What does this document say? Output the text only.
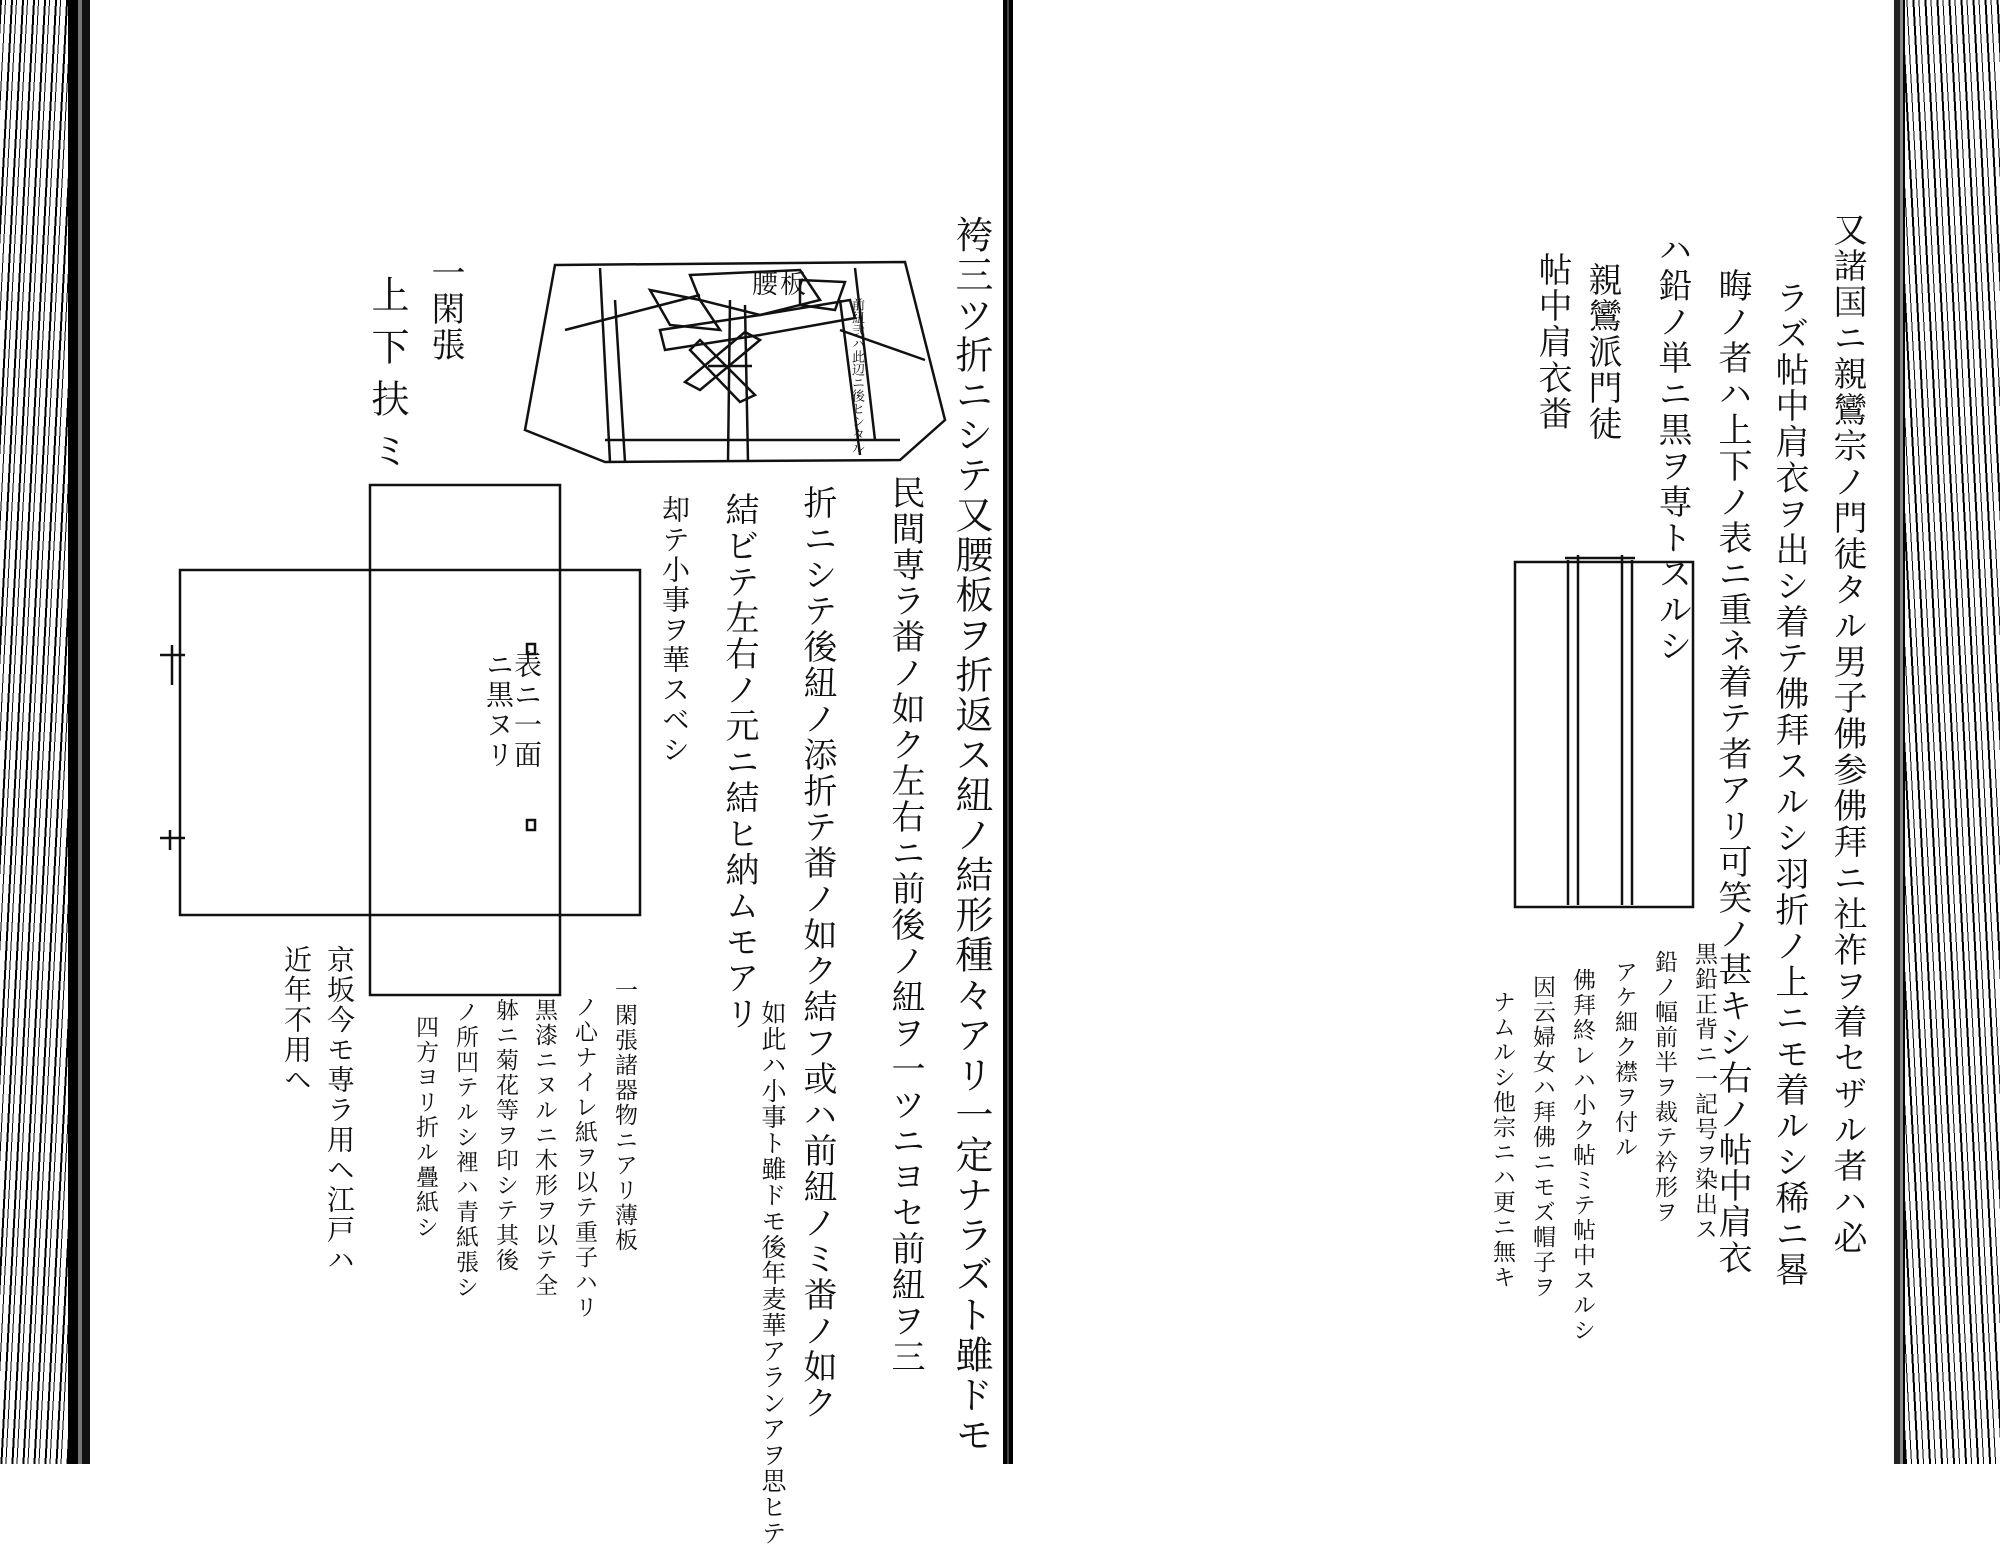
袴三ツ折ニシテ又腰板ヲ折返ス紐ノ結形種々アリ一定ナラズト雖ドモ
民間専ラ畨ノ如ク左右ニ前後ノ紐ヲ一ツニヨセ前紐ヲ三
折ニシテ後紐ノ添折テ畨ノ如ク結フ或ハ前紐ノミ畨ノ如ク
結ビテ左右ノ元ニ結ヒ納ムモアリ
却テ小事ヲ華スベシ
如此ハ小事ト雖ドモ後年麦華アランアヲ思ヒテ
腰板
前紐弐ハ此辺ニ後ヒシタル
一閑張
上下扶ミ
表ニ一面ニ黒ヌリ
一閑張諸器物ニアリ薄板
ノ心ナイレ紙ヲ以テ重子ハリ
黒漆ニヌルニ木形ヲ以テ全
躰ニ菊花等ヲ印シテ其後
ノ所凹テルシ裡ハ青紙張シ
四方ヨリ折ル疊紙シ
京坂今モ専ラ用ヘ江戸ハ
近年不用ヘ	又諸国ニ親鸞宗ノ門徒タル男子佛参佛拜ニ社祚ヲ着セザル者ハ必
ラズ帖中肩衣ヲ出シ着テ佛拜スルシ羽折ノ上ニモ着ルシ稀ニ晷
晦ノ者ハ上下ノ表ニ重ネ着テ者アリ可笑ノ甚キシ右ノ帖中肩衣
ハ鉛ノ単ニ黒ヲ専トスルシ
親鸞派門徒
帖中肩衣畨
黒鉛正背ニ一記号ヲ染出ス
鉛ノ幅前半ヲ裁テ衿形ヲ
アケ細ク襟ヲ付ル
佛拜終レハ小ク帖ミテ帖中スルシ
因云婦女ハ拜佛ニモズ帽子ヲ
ナムルシ他宗ニハ更ニ無キ
